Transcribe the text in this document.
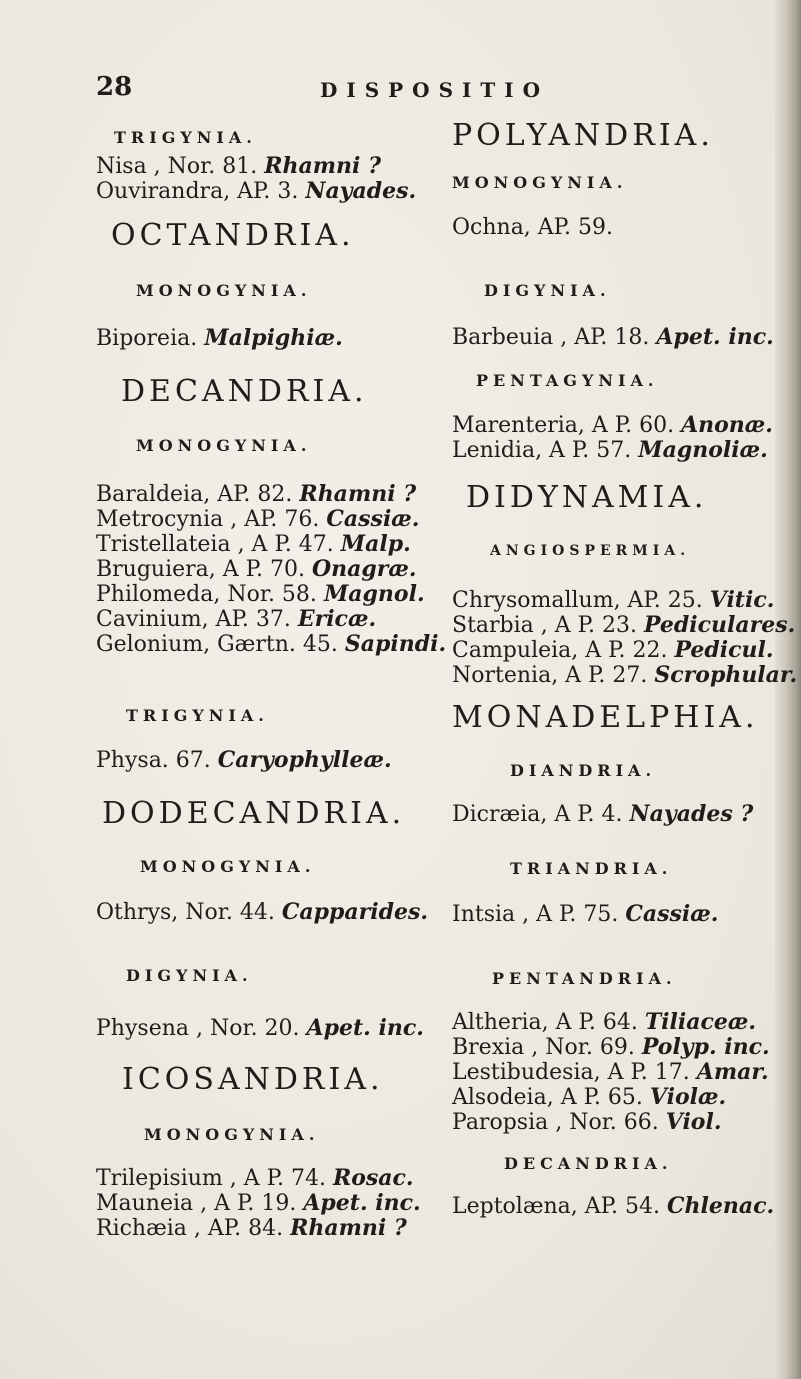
28	DISPOSITIO
TRIGYNIA.
Nisa , Nor. 81. Rhamni ?
Ouvirandra, AP. 3. Nayades.
OCTANDRIA.
MONOGYNIA.
Biporeia. Malpighiæ.
DECANDRIA.
MONOGYNIA.
Baraldeia, AP. 82. Rhamni ?
Metrocynia , AP. 76. Cassiæ.
Tristellateia , A P. 47. Malp.
Bruguiera, A P. 70. Onagræ.
Philomeda, Nor. 58. Magnol.
Cavinium, AP. 37. Ericæ.
Gelonium, Gærtn. 45. Sapindi.
TRIGYNIA.
Physa. 67. Caryophylleæ.
DODECANDRIA.
MONOGYNIA.
Othrys, Nor. 44. Capparides.
DIGYNIA.
Physena , Nor. 20. Apet. inc.
ICOSANDRIA.
MONOGYNIA.
Trilepisium , A P. 74. Rosac.
Mauneia , A P. 19. Apet. inc.
Richæia , AP. 84. Rhamni ?
POLYANDRIA.
MONOGYNIA.
Ochna, AP. 59.
DIGYNIA.
Barbeuia , AP. 18. Apet. inc.
PENTAGYNIA.
Marenteria, A P. 60. Anonæ.
Lenidia, A P. 57. Magnoliæ.
DIDYNAMIA.
ANGIOSPERMIA.
Chrysomallum, AP. 25. Vitic.
Starbia , A P. 23. Pediculares.
Campuleia, A P. 22. Pedicul.
Nortenia, A P. 27. Scrophular.
MONADELPHIA.
DIANDRIA.
Dicræia, A P. 4. Nayades ?
TRIANDRIA.
Intsia , A P. 75. Cassiæ.
PENTANDRIA.
Altheria, A P. 64. Tiliaceæ.
Brexia , Nor. 69. Polyp. inc.
Lestibudesia, A P. 17. Amar.
Alsodeia, A P. 65. Violæ.
Paropsia , Nor. 66. Viol.
DECANDRIA.
Leptolæna, AP. 54. Chlenac.
